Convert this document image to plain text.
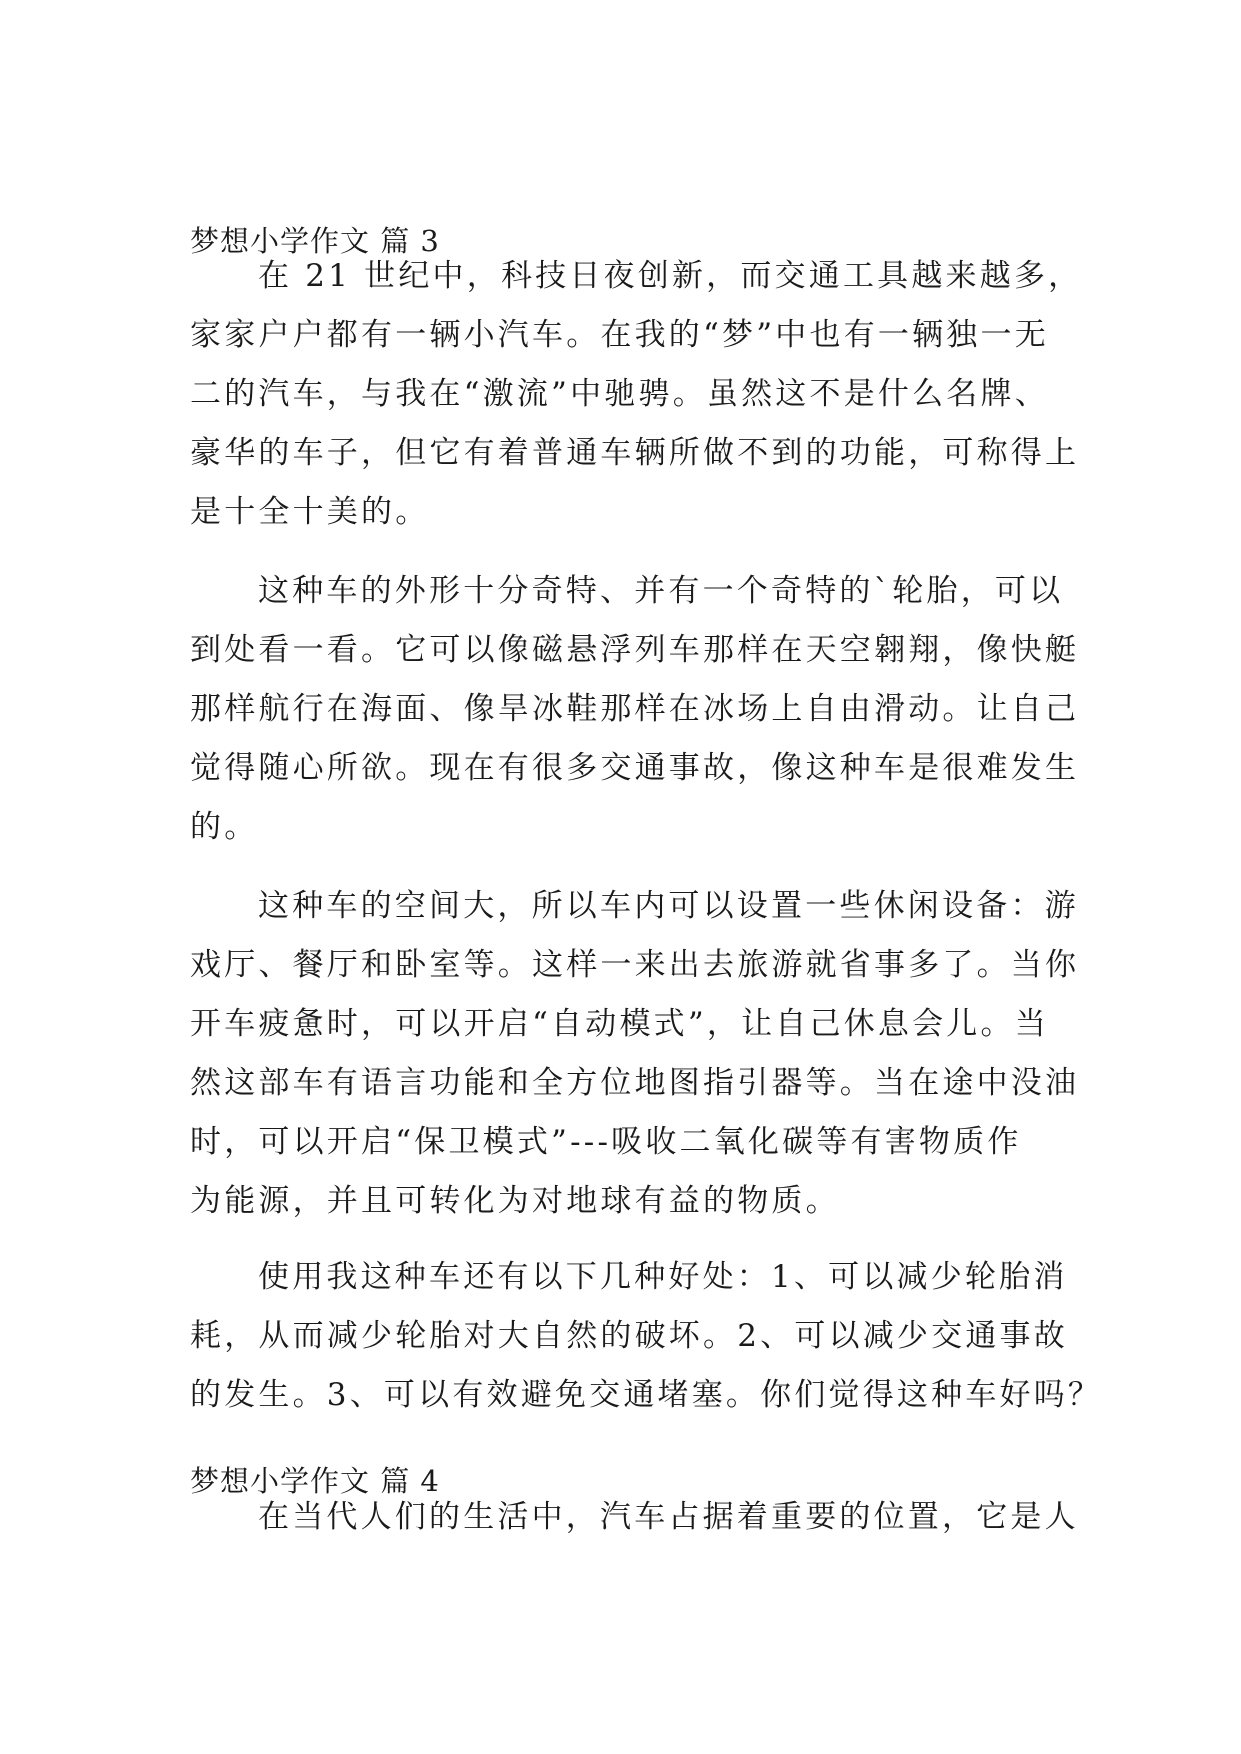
梦想小学作文 篇 3
在 21 世纪中，科技日夜创新，而交通工具越来越多，
家家户户都有一辆小汽车。在我的“梦”中也有一辆独一无
二的汽车，与我在“激流”中驰骋。虽然这不是什么名牌、
豪华的车子，但它有着普通车辆所做不到的功能，可称得上
是十全十美的。
这种车的外形十分奇特、并有一个奇特的`轮胎，可以
到处看一看。它可以像磁悬浮列车那样在天空翱翔，像快艇
那样航行在海面、像旱冰鞋那样在冰场上自由滑动。让自己
觉得随心所欲。现在有很多交通事故，像这种车是很难发生
的。
这种车的空间大，所以车内可以设置一些休闲设备：游
戏厅、餐厅和卧室等。这样一来出去旅游就省事多了。当你
开车疲惫时，可以开启“自动模式”，让自己休息会儿。当
然这部车有语言功能和全方位地图指引器等。当在途中没油
时，可以开启“保卫模式”---吸收二氧化碳等有害物质作
为能源，并且可转化为对地球有益的物质。
使用我这种车还有以下几种好处：1、可以减少轮胎消
耗，从而减少轮胎对大自然的破坏。2、可以减少交通事故
的发生。3、可以有效避免交通堵塞。你们觉得这种车好吗？
梦想小学作文 篇 4
在当代人们的生活中，汽车占据着重要的位置，它是人
